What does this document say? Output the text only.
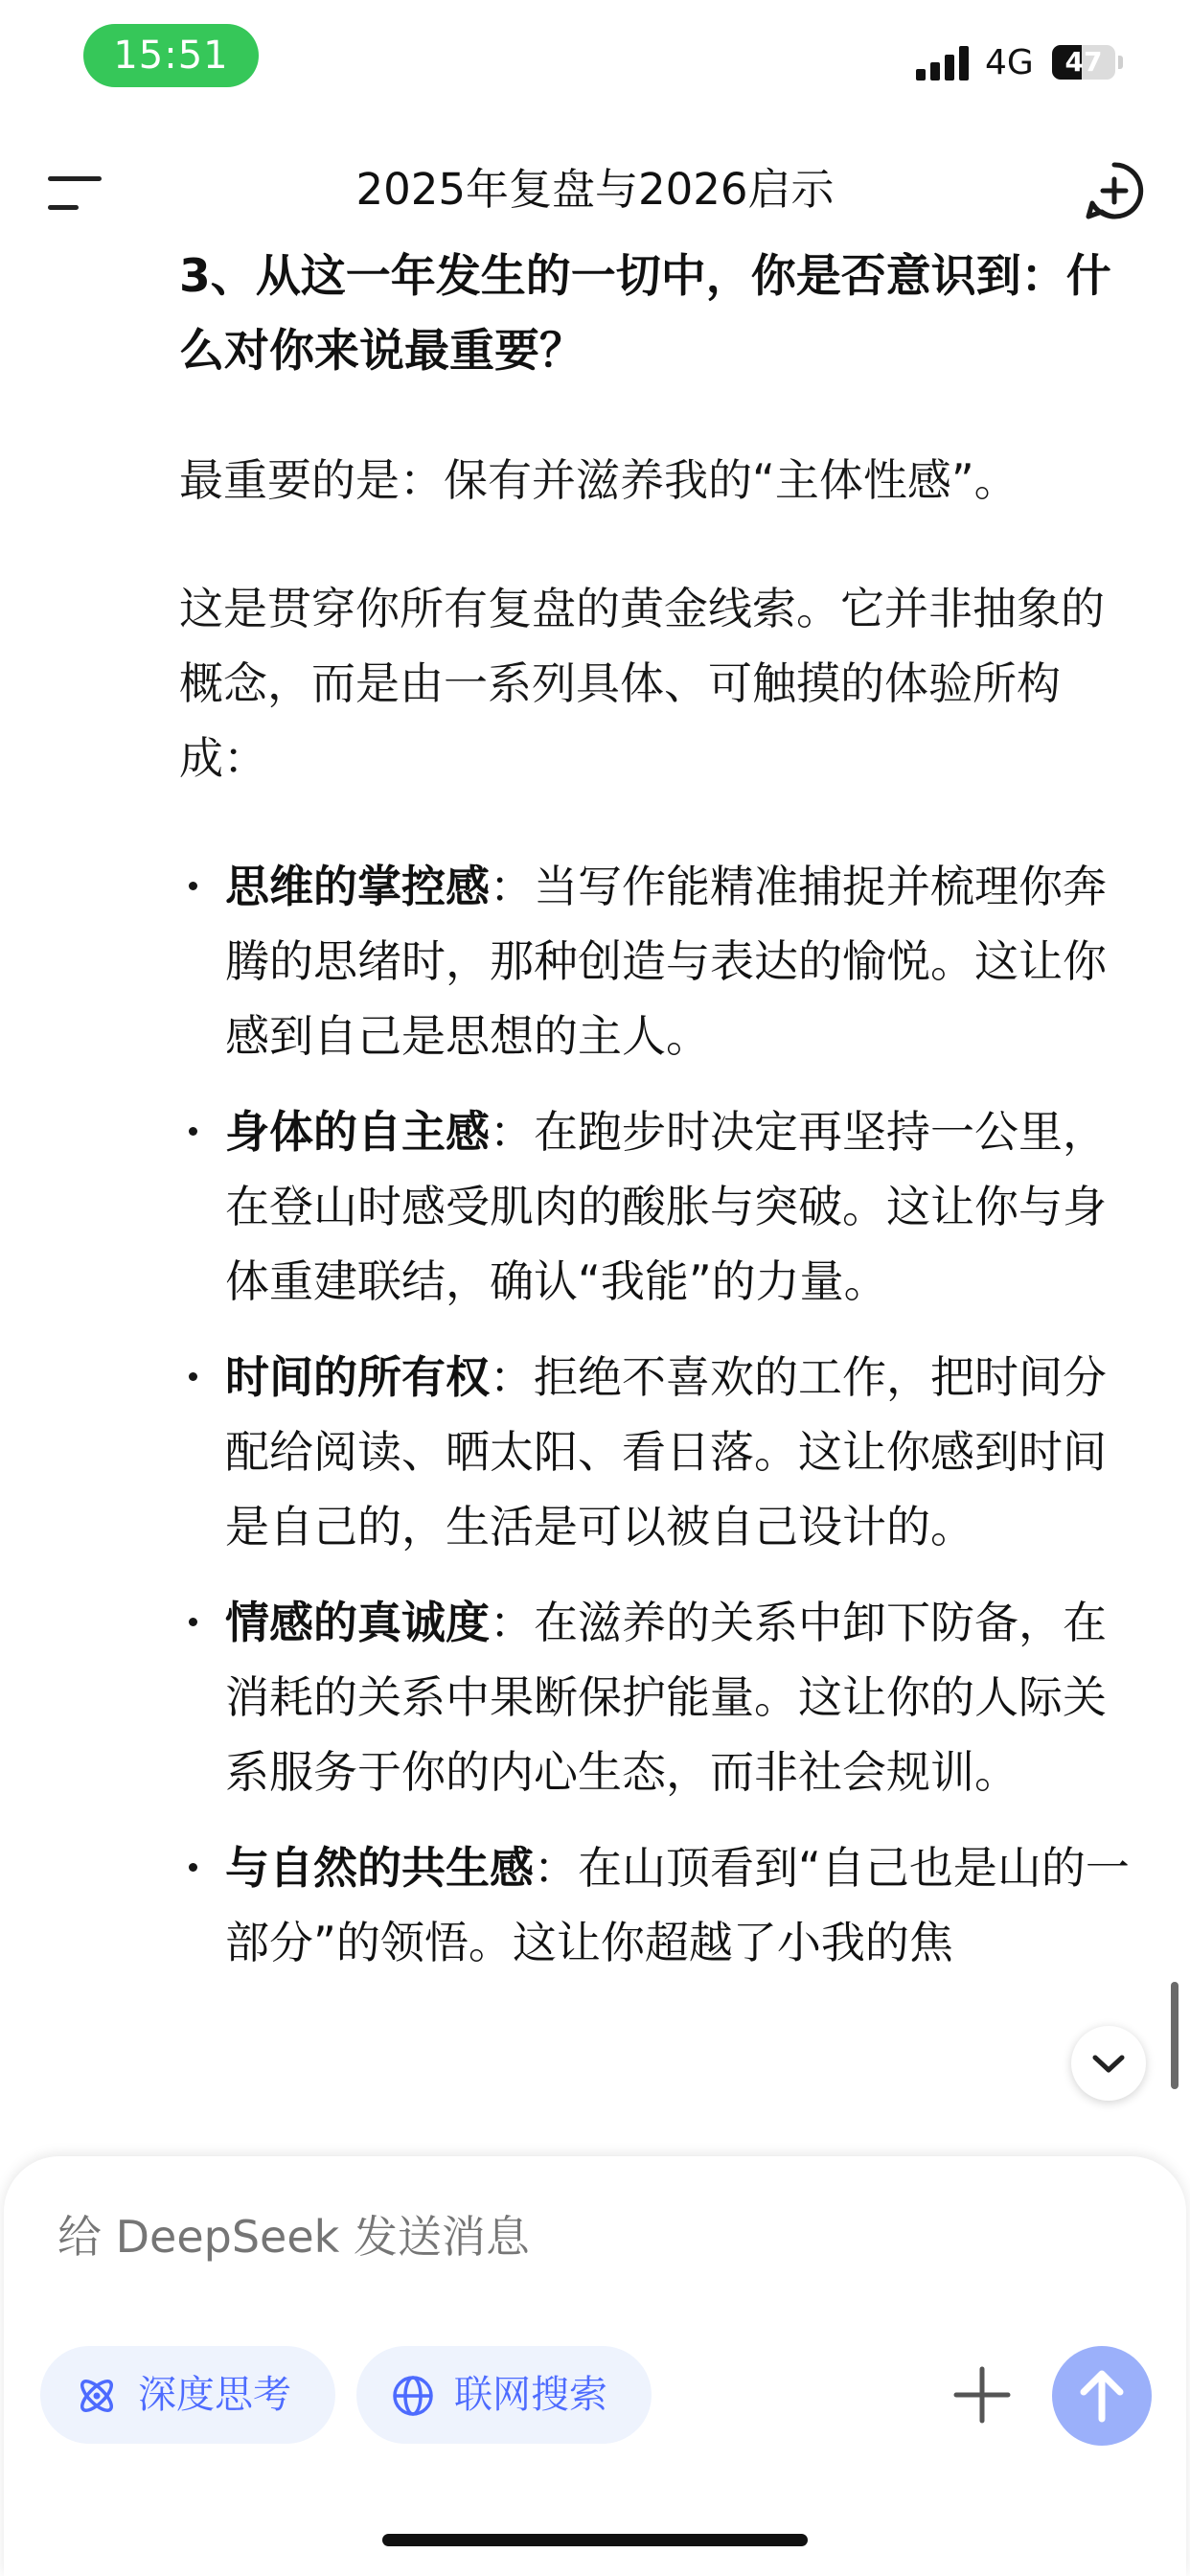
15:51	4G	47
2025年复盘与2026启示

3、从这一年发生的一切中，你是否意识到：什么对你来说最重要？

最重要的是：保有并滋养我的“主体性感”。

这是贯穿你所有复盘的黄金线索。它并非抽象的概念，而是由一系列具体、可触摸的体验所构成：

思维的掌控感：当写作能精准捕捉并梳理你奔腾的思绪时，那种创造与表达的愉悦。这让你感到自己是思想的主人。
身体的自主感：在跑步时决定再坚持一公里，在登山时感受肌肉的酸胀与突破。这让你与身体重建联结，确认“我能”的力量。
时间的所有权：拒绝不喜欢的工作，把时间分配给阅读、晒太阳、看日落。这让你感到时间是自己的，生活是可以被自己设计的。
情感的真诚度：在滋养的关系中卸下防备，在消耗的关系中果断保护能量。这让你的人际关系服务于你的内心生态，而非社会规训。
与自然的共生感：在山顶看到“自己也是山的一部分”的领悟。这让你超越了小我的焦
给 DeepSeek 发送消息
深度思考	联网搜索
